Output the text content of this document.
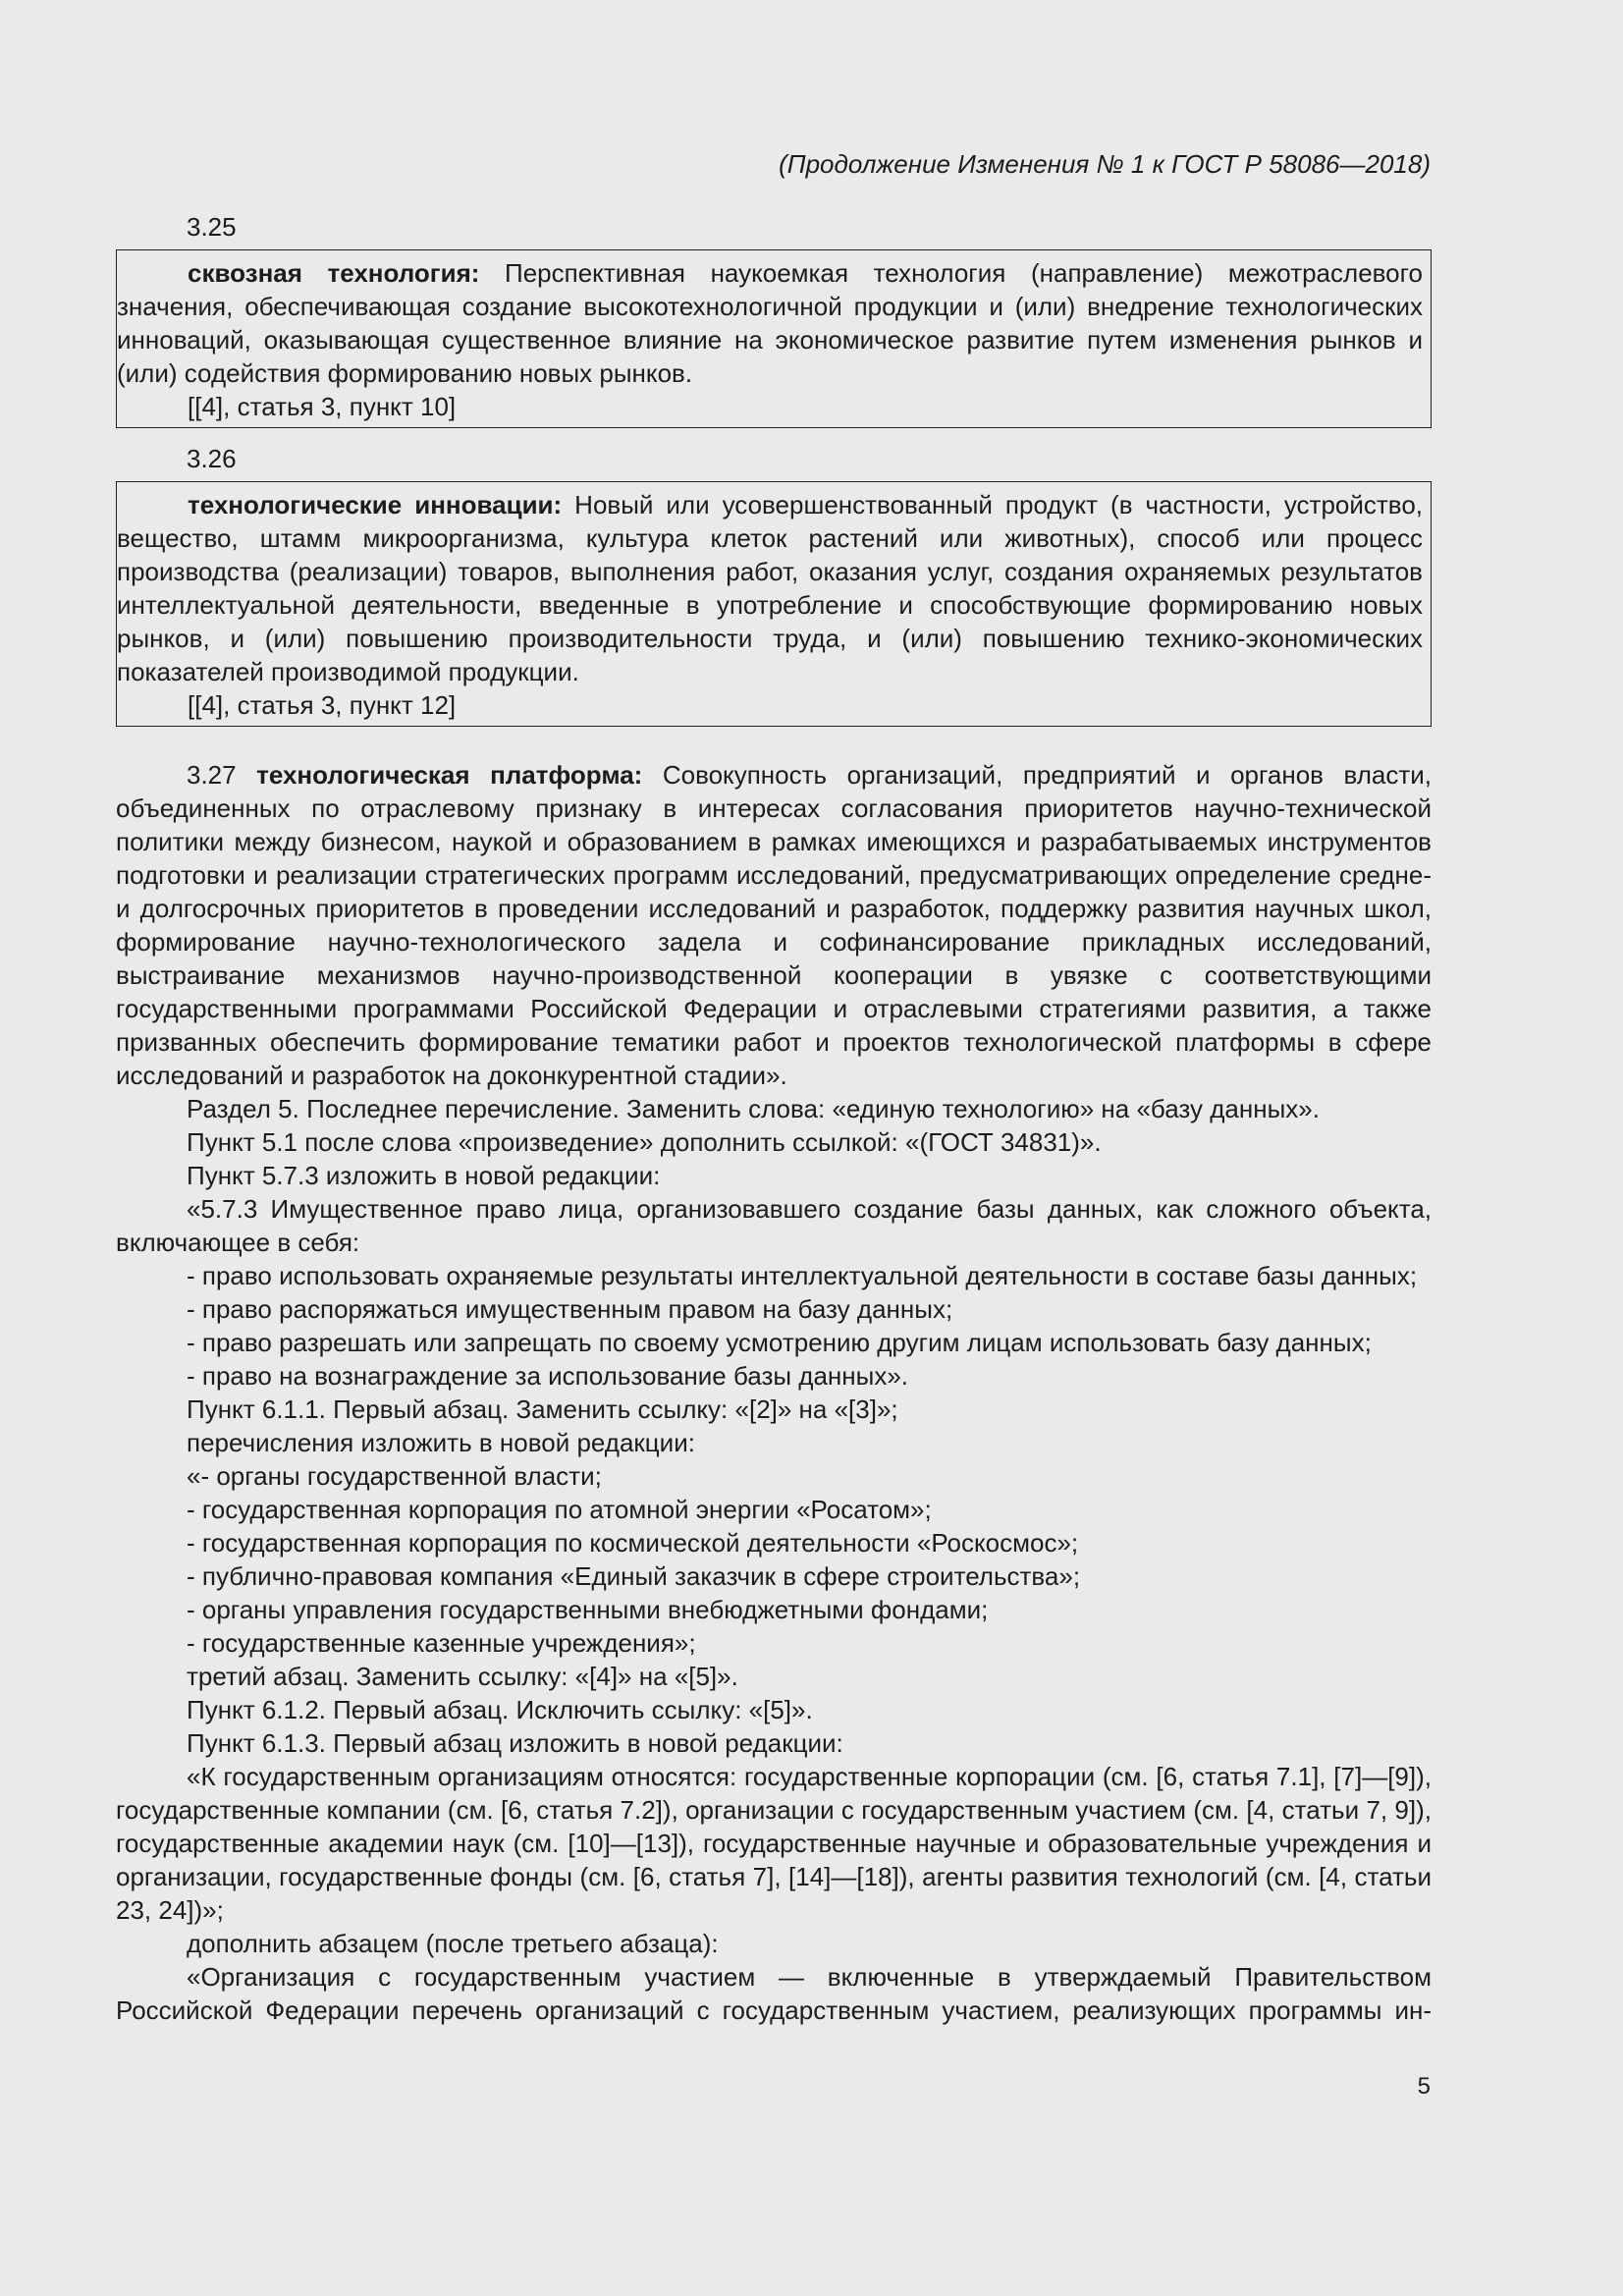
(Продолжение Изменения № 1 к ГОСТ Р 58086—2018)
3.25

сквозная технология: Перспективная наукоемкая технология (направление) межотраслевого значения, обеспечивающая создание высокотехнологичной продукции и (или) внедрение технологических инноваций, оказывающая существенное влияние на экономическое развитие путем изменения рынков и (или) содействия формированию новых рынков.

[[4], статья 3, пункт 10]

3.26

технологические инновации: Новый или усовершенствованный продукт (в частности, устройство, вещество, штамм микроорганизма, культура клеток растений или животных), способ или процесс производства (реализации) товаров, выполнения работ, оказания услуг, создания охраняемых результатов интеллектуальной деятельности, введенные в употребление и способствующие формированию новых рынков, и (или) повышению производительности труда, и (или) повышению технико-экономических показателей производимой продукции.

[[4], статья 3, пункт 12]

3.27 технологическая платформа: Совокупность организаций, предприятий и органов власти, объединенных по отраслевому признаку в интересах согласования приоритетов научно-технической политики между бизнесом, наукой и образованием в рамках имеющихся и разрабатываемых инструментов подготовки и реализации стратегических программ исследований, предусматривающих определение средне- и долгосрочных приоритетов в проведении исследований и разработок, поддержку развития научных школ, формирование научно-технологического задела и софинансирование прикладных исследований, выстраивание механизмов научно-производственной кооперации в увязке с соответствующими государственными программами Российской Федерации и отраслевыми стратегиями развития, а также призванных обеспечить формирование тематики работ и проектов технологической платформы в сфере исследований и разработок на доконкурентной стадии».

Раздел 5. Последнее перечисление. Заменить слова: «единую технологию» на «базу данных».

Пункт 5.1 после слова «произведение» дополнить ссылкой: «(ГОСТ 34831)».

Пункт 5.7.3 изложить в новой редакции:

«5.7.3 Имущественное право лица, организовавшего создание базы данных, как сложного объекта, включающее в себя:

- право использовать охраняемые результаты интеллектуальной деятельности в составе базы данных;

- право распоряжаться имущественным правом на базу данных;

- право разрешать или запрещать по своему усмотрению другим лицам использовать базу данных;

- право на вознаграждение за использование базы данных».

Пункт 6.1.1. Первый абзац. Заменить ссылку: «[2]» на «[3]»;

перечисления изложить в новой редакции:

«- органы государственной власти;

- государственная корпорация по атомной энергии «Росатом»;

- государственная корпорация по космической деятельности «Роскосмос»;

- публично-правовая компания «Единый заказчик в сфере строительства»;

- органы управления государственными внебюджетными фондами;

- государственные казенные учреждения»;

третий абзац. Заменить ссылку: «[4]» на «[5]».

Пункт 6.1.2. Первый абзац. Исключить ссылку: «[5]».

Пункт 6.1.3. Первый абзац изложить в новой редакции:

«К государственным организациям относятся: государственные корпорации (см. [6, статья 7.1], [7]—[9]), государственные компании (см. [6, статья 7.2]), организации с государственным участием (см. [4, статьи 7, 9]), государственные академии наук (см. [10]—[13]), государственные научные и образовательные учреждения и организации, государственные фонды (см. [6, статья 7], [14]—[18]), агенты развития технологий (см. [4, статьи 23, 24])»;

дополнить абзацем (после третьего абзаца):

«Организация с государственным участием — включенные в утверждаемый Правительством Российской Федерации перечень организаций с государственным участием, реализующих программы ин-

5
